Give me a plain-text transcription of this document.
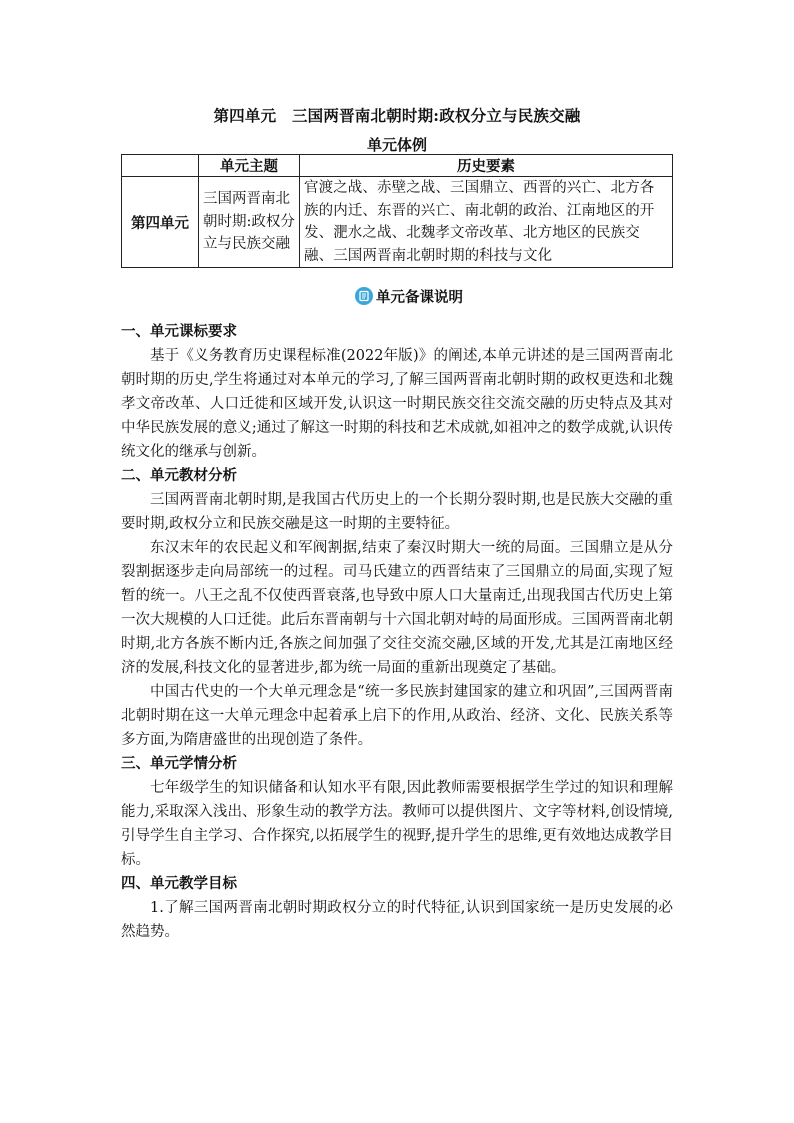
第四单元　三国两晋南北朝时期:政权分立与民族交融
单元体例
	单元主题	历史要素
第四单元	三国两晋南北朝时期:政权分立与民族交融	官渡之战、赤壁之战、三国鼎立、西晋的兴亡、北方各族的内迁、东晋的兴亡、南北朝的政治、江南地区的开发、淝水之战、北魏孝文帝改革、北方地区的民族交融、三国两晋南北朝时期的科技与文化
单元备课说明
一、单元课标要求

基于《义务教育历史课程标准(2022年版)》的阐述,本单元讲述的是三国两晋南北朝时期的历史,学生将通过对本单元的学习,了解三国两晋南北朝时期的政权更迭和北魏孝文帝改革、人口迁徙和区域开发,认识这一时期民族交往交流交融的历史特点及其对中华民族发展的意义;通过了解这一时期的科技和艺术成就,如祖冲之的数学成就,认识传统文化的继承与创新。

二、单元教材分析

三国两晋南北朝时期,是我国古代历史上的一个长期分裂时期,也是民族大交融的重要时期,政权分立和民族交融是这一时期的主要特征。

东汉末年的农民起义和军阀割据,结束了秦汉时期大一统的局面。三国鼎立是从分裂割据逐步走向局部统一的过程。司马氏建立的西晋结束了三国鼎立的局面,实现了短暂的统一。八王之乱不仅使西晋衰落,也导致中原人口大量南迁,出现我国古代历史上第一次大规模的人口迁徙。此后东晋南朝与十六国北朝对峙的局面形成。三国两晋南北朝时期,北方各族不断内迁,各族之间加强了交往交流交融,区域的开发,尤其是江南地区经济的发展,科技文化的显著进步,都为统一局面的重新出现奠定了基础。

中国古代史的一个大单元理念是“统一多民族封建国家的建立和巩固”,三国两晋南北朝时期在这一大单元理念中起着承上启下的作用,从政治、经济、文化、民族关系等多方面,为隋唐盛世的出现创造了条件。

三、单元学情分析

七年级学生的知识储备和认知水平有限,因此教师需要根据学生学过的知识和理解能力,采取深入浅出、形象生动的教学方法。教师可以提供图片、文字等材料,创设情境,引导学生自主学习、合作探究,以拓展学生的视野,提升学生的思维,更有效地达成教学目标。

四、单元教学目标

1.了解三国两晋南北朝时期政权分立的时代特征,认识到国家统一是历史发展的必然趋势。
